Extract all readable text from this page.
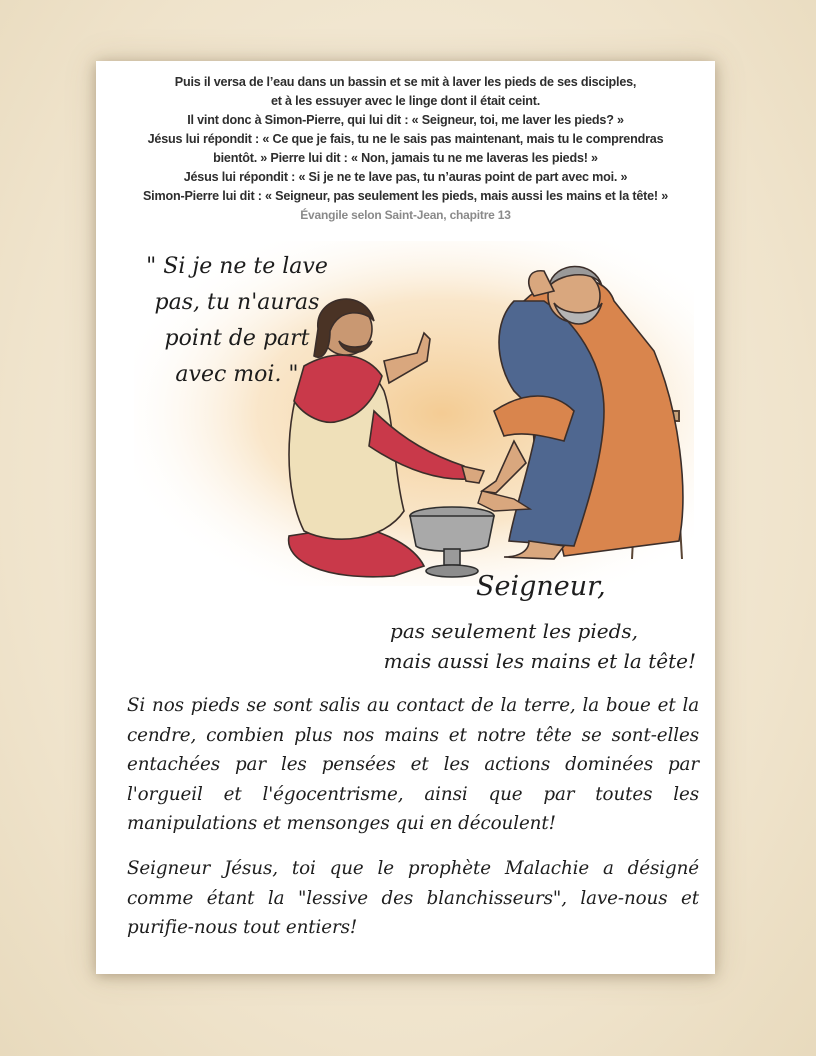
Puis il versa de l’eau dans un bassin et se mit à laver les pieds de ses disciples,
et à les essuyer avec le linge dont il était ceint.
Il vint donc à Simon-Pierre, qui lui dit : « Seigneur, toi, me laver les pieds? »
Jésus lui répondit : « Ce que je fais, tu ne le sais pas maintenant, mais tu le comprendras
bientôt. » Pierre lui dit : « Non, jamais tu ne me laveras les pieds! »
Jésus lui répondit : « Si je ne te lave pas, tu n’auras point de part avec moi. »
Simon-Pierre lui dit : « Seigneur, pas seulement les pieds, mais aussi les mains et la tête! »
Évangile selon Saint-Jean, chapitre 13
" Si je ne te lave
pas, tu n'auras
point de part
avec moi. "
Seigneur,
pas seulement les pieds,
mais aussi les mains et la tête!
Si nos pieds se sont salis au contact de la terre, la boue et la cendre, combien plus nos mains et notre tête se sont-elles entachées par les pensées et les actions dominées par l'orgueil et l'égocentrisme, ainsi que par toutes les manipulations et mensonges qui en découlent!
Seigneur Jésus, toi que le prophète Malachie a désigné comme étant la "lessive des blanchisseurs", lave-nous et purifie-nous tout entiers!
